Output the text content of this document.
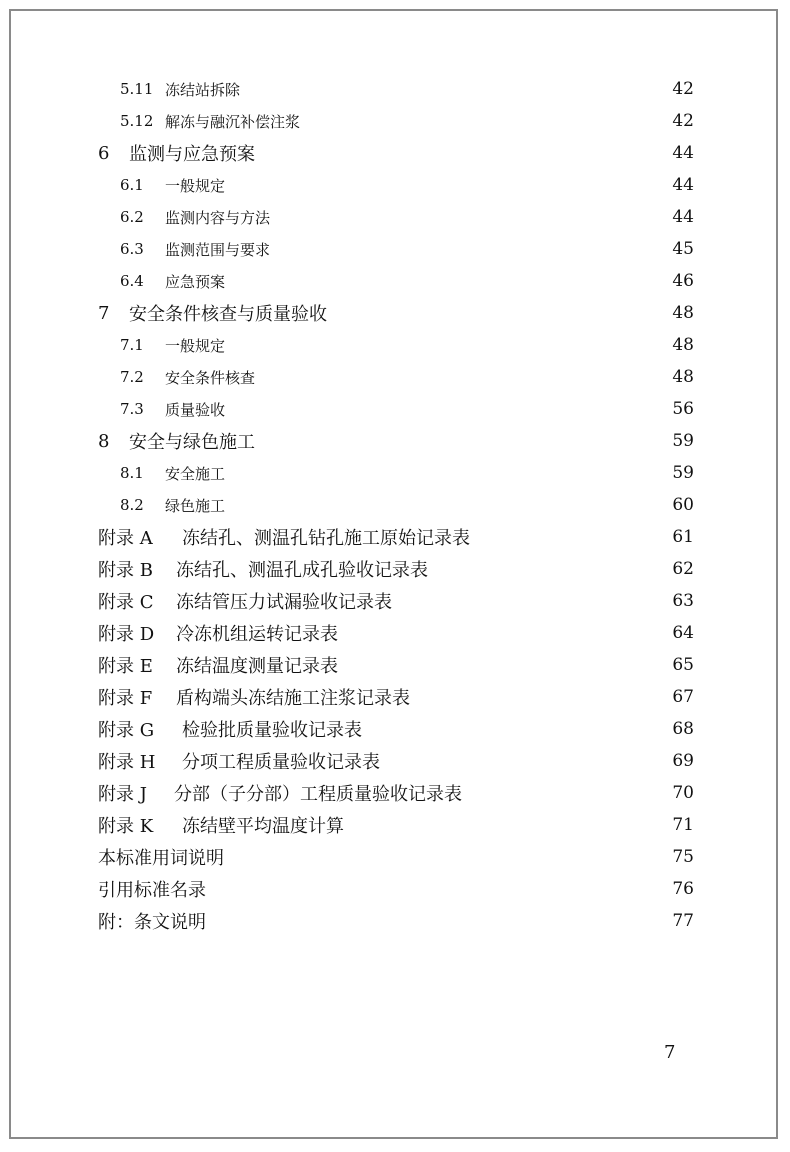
5.11 冻结站拆除	42
5.12 解冻与融沉补偿注浆	42
6	监测与应急预案	44
6.1	一般规定	44
6.2	监测内容与方法	44
6.3	监测范围与要求	45
6.4	应急预案	46
7	安全条件核查与质量验收	48
7.1	一般规定	48
7.2	安全条件核查	48
7.3	质量验收	56
8	安全与绿色施工	59
8.1	安全施工	59
8.2	绿色施工	60
附录 A	冻结孔、测温孔钻孔施工原始记录表	61
附录 B	冻结孔、测温孔成孔验收记录表	62
附录 C	冻结管压力试漏验收记录表	63
附录 D	冷冻机组运转记录表	64
附录 E	冻结温度测量记录表	65
附录 F	盾构端头冻结施工注浆记录表	67
附录 G	检验批质量验收记录表	68
附录 H	分项工程质量验收记录表	69
附录 J	分部（子分部）工程质量验收记录表	70
附录 K	冻结壁平均温度计算	71
本标准用词说明	75
引用标准名录	76
附：条文说明	77
7
